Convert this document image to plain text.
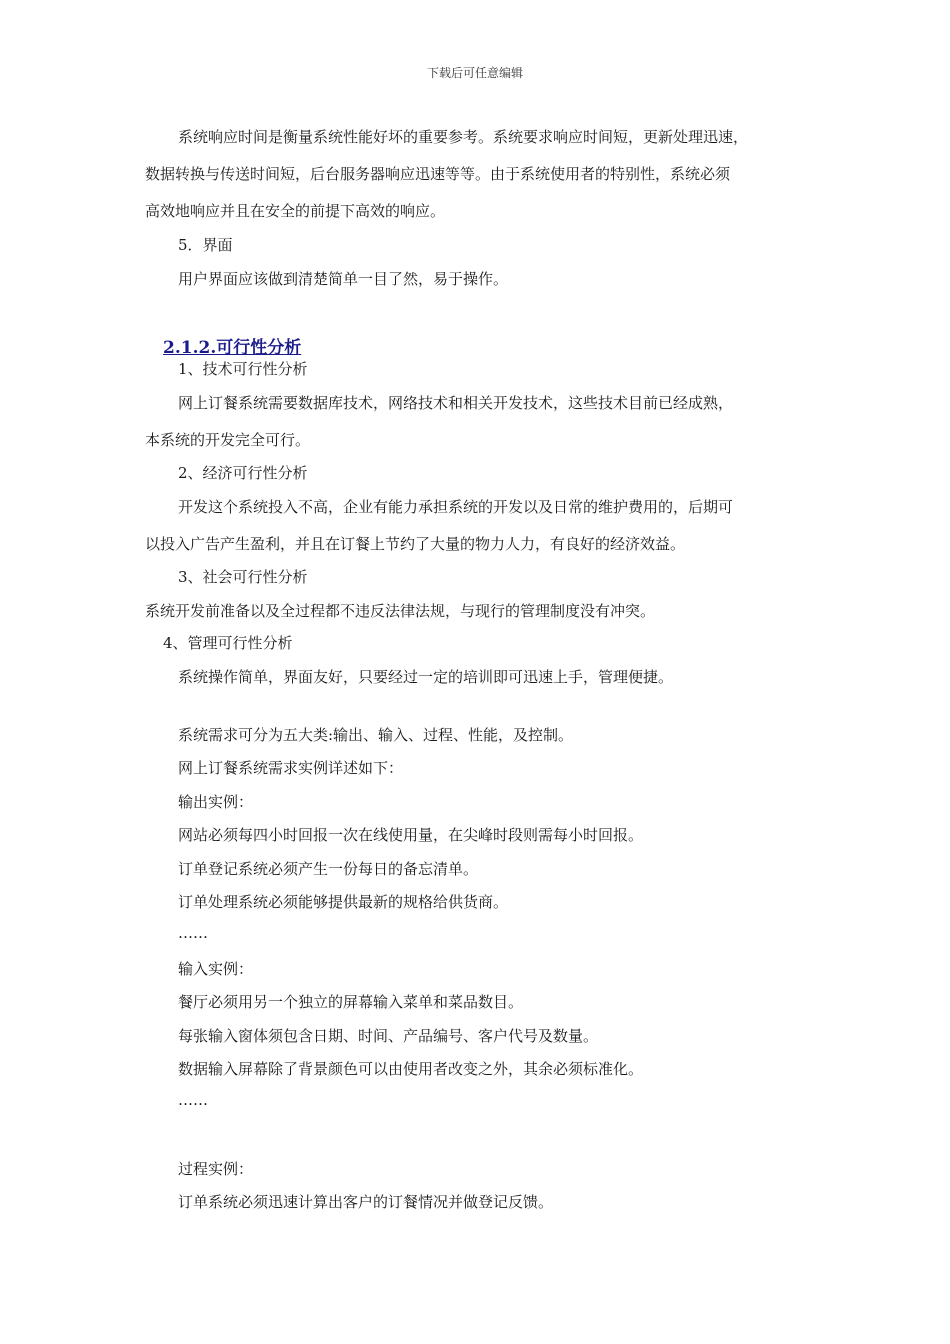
下载后可任意编辑
系统响应时间是衡量系统性能好坏的重要参考。系统要求响应时间短，更新处理迅速，
数据转换与传送时间短，后台服务器响应迅速等等。由于系统使用者的特别性，系统必须
高效地响应并且在安全的前提下高效的响应。
5．界面
用户界面应该做到清楚简单一目了然，易于操作。
2.1.2.可行性分析
1、技术可行性分析
网上订餐系统需要数据库技术，网络技术和相关开发技术，这些技术目前已经成熟，
本系统的开发完全可行。
2、经济可行性分析
开发这个系统投入不高，企业有能力承担系统的开发以及日常的维护费用的，后期可
以投入广告产生盈利，并且在订餐上节约了大量的物力人力，有良好的经济效益。
3、社会可行性分析
系统开发前准备以及全过程都不违反法律法规，与现行的管理制度没有冲突。
4、管理可行性分析
系统操作简单，界面友好，只要经过一定的培训即可迅速上手，管理便捷。
系统需求可分为五大类:输出、输入、过程、性能，及控制。
网上订餐系统需求实例详述如下：
输出实例：
网站必须每四小时回报一次在线使用量，在尖峰时段则需每小时回报。
订单登记系统必须产生一份每日的备忘清单。
订单处理系统必须能够提供最新的规格给供货商。
……
输入实例：
餐厅必须用另一个独立的屏幕输入菜单和菜品数目。
每张输入窗体须包含日期、时间、产品编号、客户代号及数量。
数据输入屏幕除了背景颜色可以由使用者改变之外，其余必须标准化。
……
过程实例：
订单系统必须迅速计算出客户的订餐情况并做登记反馈。
